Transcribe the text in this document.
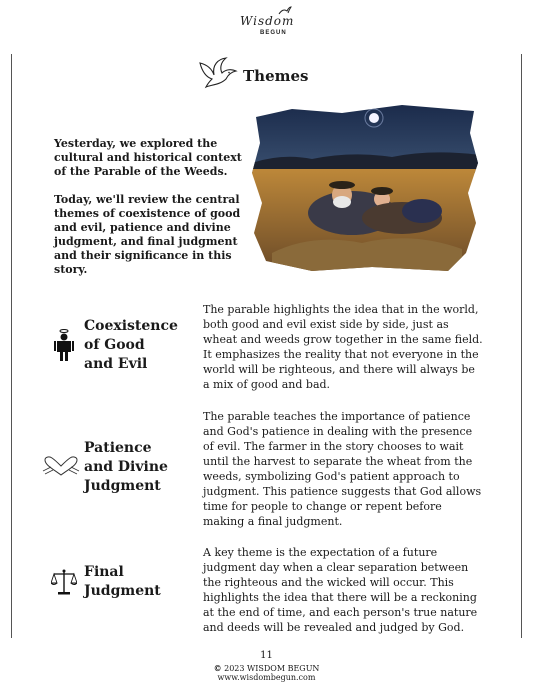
Wisdom
BEGUN
Themes

Yesterday, we explored the cultural and historical context of the Parable of the Weeds.

Today, we'll review the central themes of coexistence of good and evil, patience and divine judgment, and final judgment and their significance in this story.

Coexistence
of Good
and Evil
The parable highlights the idea that in the world, both good and evil exist side by side, just as wheat and weeds grow together in the same field. It emphasizes the reality that not everyone in the world will be righteous, and there will always be a mix of good and bad.
Patience
and Divine
Judgment
The parable teaches the importance of patience and God's patience in dealing with the presence of evil. The farmer in the story chooses to wait until the harvest to separate the wheat from the weeds, symbolizing God's patient approach to judgment. This patience suggests that God allows time for people to change or repent before making a final judgment.
Final
Judgment
A key theme is the expectation of a future judgment day when a clear separation between the righteous and the wicked will occur. This highlights the idea that there will be a reckoning at the end of time, and each person's true nature and deeds will be revealed and judged by God.
11
© 2023 WISDOM BEGUN
www.wisdombegun.com
